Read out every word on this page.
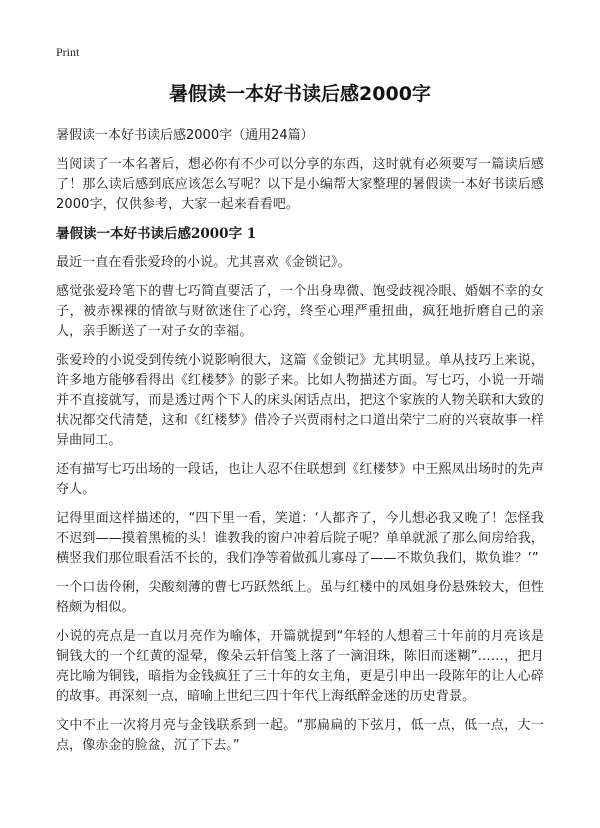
Print
暑假读一本好书读后感2000字
暑假读一本好书读后感2000字（通用24篇）

当阅读了一本名著后，想必你有不少可以分享的东西，这时就有必须要写一篇读后感了！那么读后感到底应该怎么写呢？以下是小编帮大家整理的暑假读一本好书读后感2000字，仅供参考，大家一起来看看吧。

暑假读一本好书读后感2000字 1

最近一直在看张爱玲的小说。尤其喜欢《金锁记》。

感觉张爱玲笔下的曹七巧简直要活了，一个出身卑微、饱受歧视冷眼、婚姻不幸的女子，被赤裸裸的情欲与财欲迷住了心窍，终至心理严重扭曲，疯狂地折磨自己的亲人，亲手断送了一对子女的幸福。

张爱玲的小说受到传统小说影响很大，这篇《金锁记》尤其明显。单从技巧上来说，许多地方能够看得出《红楼梦》的影子来。比如人物描述方面。写七巧，小说一开端并不直接就写，而是透过两个下人的床头闲话点出，把这个家族的人物关联和大致的状况都交代清楚，这和《红楼梦》借冷子兴贾雨村之口道出荣宁二府的兴衰故事一样异曲同工。

还有描写七巧出场的一段话，也让人忍不住联想到《红楼梦》中王熙凤出场时的先声夺人。

记得里面这样描述的，“四下里一看，笑道：‘人都齐了，今儿想必我又晚了！怎怪我不迟到——摸着黑梳的头！谁教我的窗户冲着后院子呢？单单就派了那么间房给我，横竖我们那位眼看活不长的，我们净等着做孤儿寡母了——不欺负我们，欺负谁？’”

一个口齿伶俐，尖酸刻薄的曹七巧跃然纸上。虽与红楼中的凤姐身份悬殊较大，但性格颇为相似。

小说的亮点是一直以月亮作为喻体，开篇就提到“年轻的人想着三十年前的月亮该是铜钱大的一个红黄的湿晕，像朵云轩信笺上落了一滴泪珠，陈旧而迷糊”……，把月亮比喻为铜钱，暗指为金钱疯狂了三十年的女主角，更是引申出一段陈年的让人心碎的故事。再深刻一点，暗喻上世纪三四十年代上海纸醉金迷的历史背景。

文中不止一次将月亮与金钱联系到一起。“那扁扁的下弦月，低一点，低一点，大一点，像赤金的脸盆，沉了下去。”
